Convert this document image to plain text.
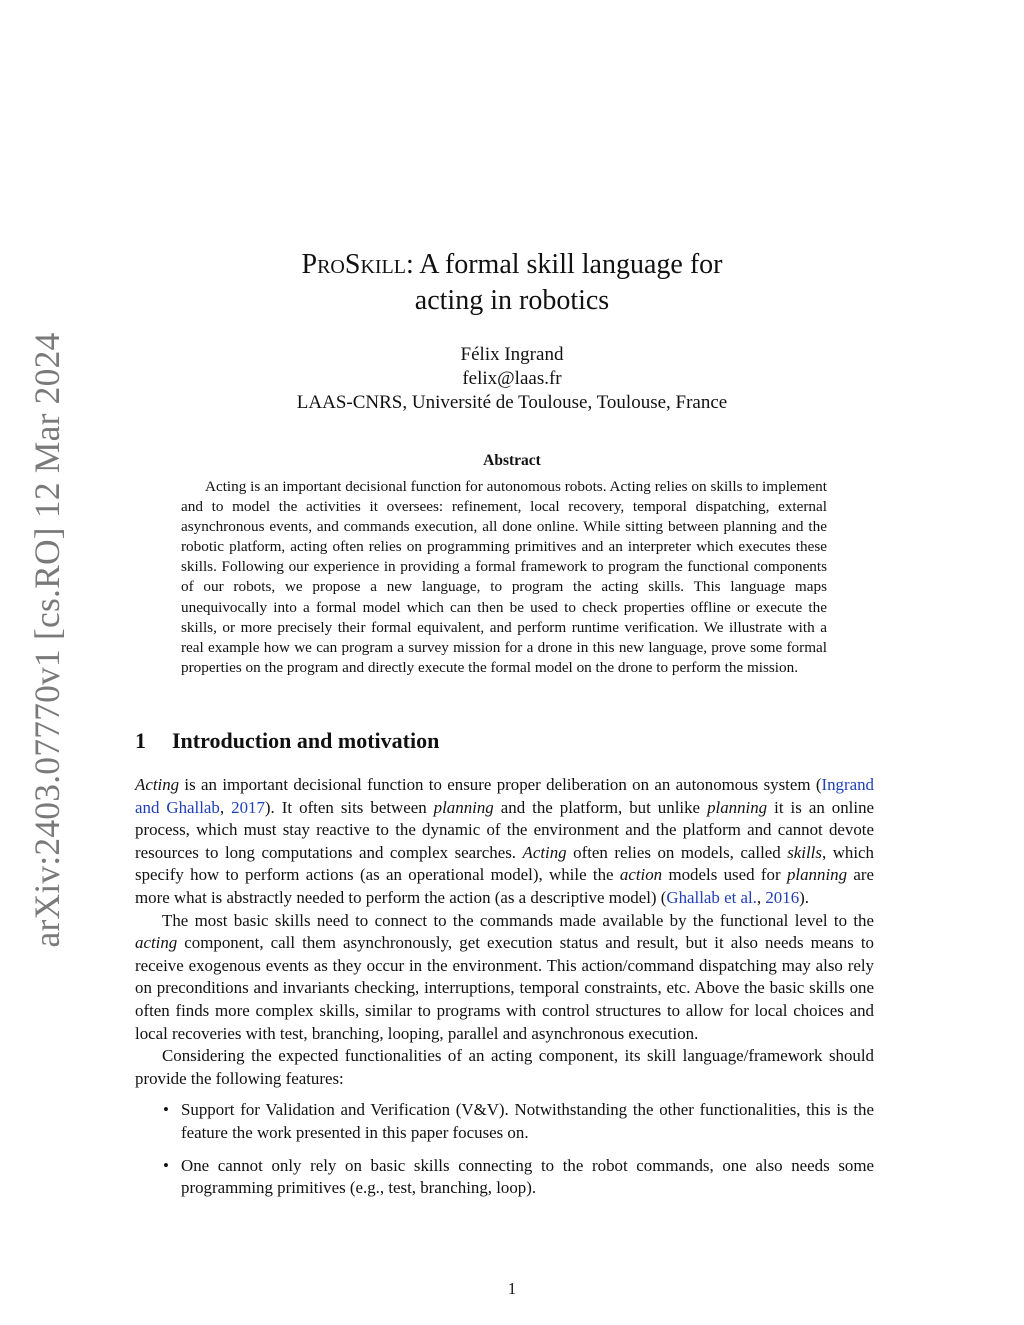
arXiv:2403.07770v1 [cs.RO] 12 Mar 2024
ProSkill: A formal skill language for
acting in robotics
Félix Ingrand
felix@laas.fr
LAAS-CNRS, Université de Toulouse, Toulouse, France
Abstract

Acting is an important decisional function for autonomous robots. Acting relies on skills to implement and to model the activities it oversees: refinement, local recovery, temporal dispatching, external asynchronous events, and commands execution, all done online. While sitting between planning and the robotic platform, acting often relies on programming primitives and an interpreter which executes these skills. Following our experience in providing a formal framework to program the functional components of our robots, we propose a new language, to program the acting skills. This language maps unequivocally into a formal model which can then be used to check properties offline or execute the skills, or more precisely their formal equivalent, and perform runtime verification. We illustrate with a real example how we can program a survey mission for a drone in this new language, prove some formal properties on the program and directly execute the formal model on the drone to perform the mission.

1 Introduction and motivation

Acting is an important decisional function to ensure proper deliberation on an autonomous system (Ingrand and Ghallab, 2017). It often sits between planning and the platform, but unlike planning it is an online process, which must stay reactive to the dynamic of the environment and the platform and cannot devote resources to long computations and complex searches. Acting often relies on models, called skills, which specify how to perform actions (as an operational model), while the action models used for planning are more what is abstractly needed to perform the action (as a descriptive model) (Ghallab et al., 2016).

The most basic skills need to connect to the commands made available by the functional level to the acting component, call them asynchronously, get execution status and result, but it also needs means to receive exogenous events as they occur in the environment. This action/command dispatching may also rely on preconditions and invariants checking, interruptions, temporal constraints, etc. Above the basic skills one often finds more complex skills, similar to programs with control structures to allow for local choices and local recoveries with test, branching, looping, parallel and asynchronous execution.

Considering the expected functionalities of an acting component, its skill language/framework should provide the following features:

• Support for Validation and Verification (V&V). Notwithstanding the other functionalities, this is the feature the work presented in this paper focuses on.
• One cannot only rely on basic skills connecting to the robot commands, one also needs some programming primitives (e.g., test, branching, loop).
1
